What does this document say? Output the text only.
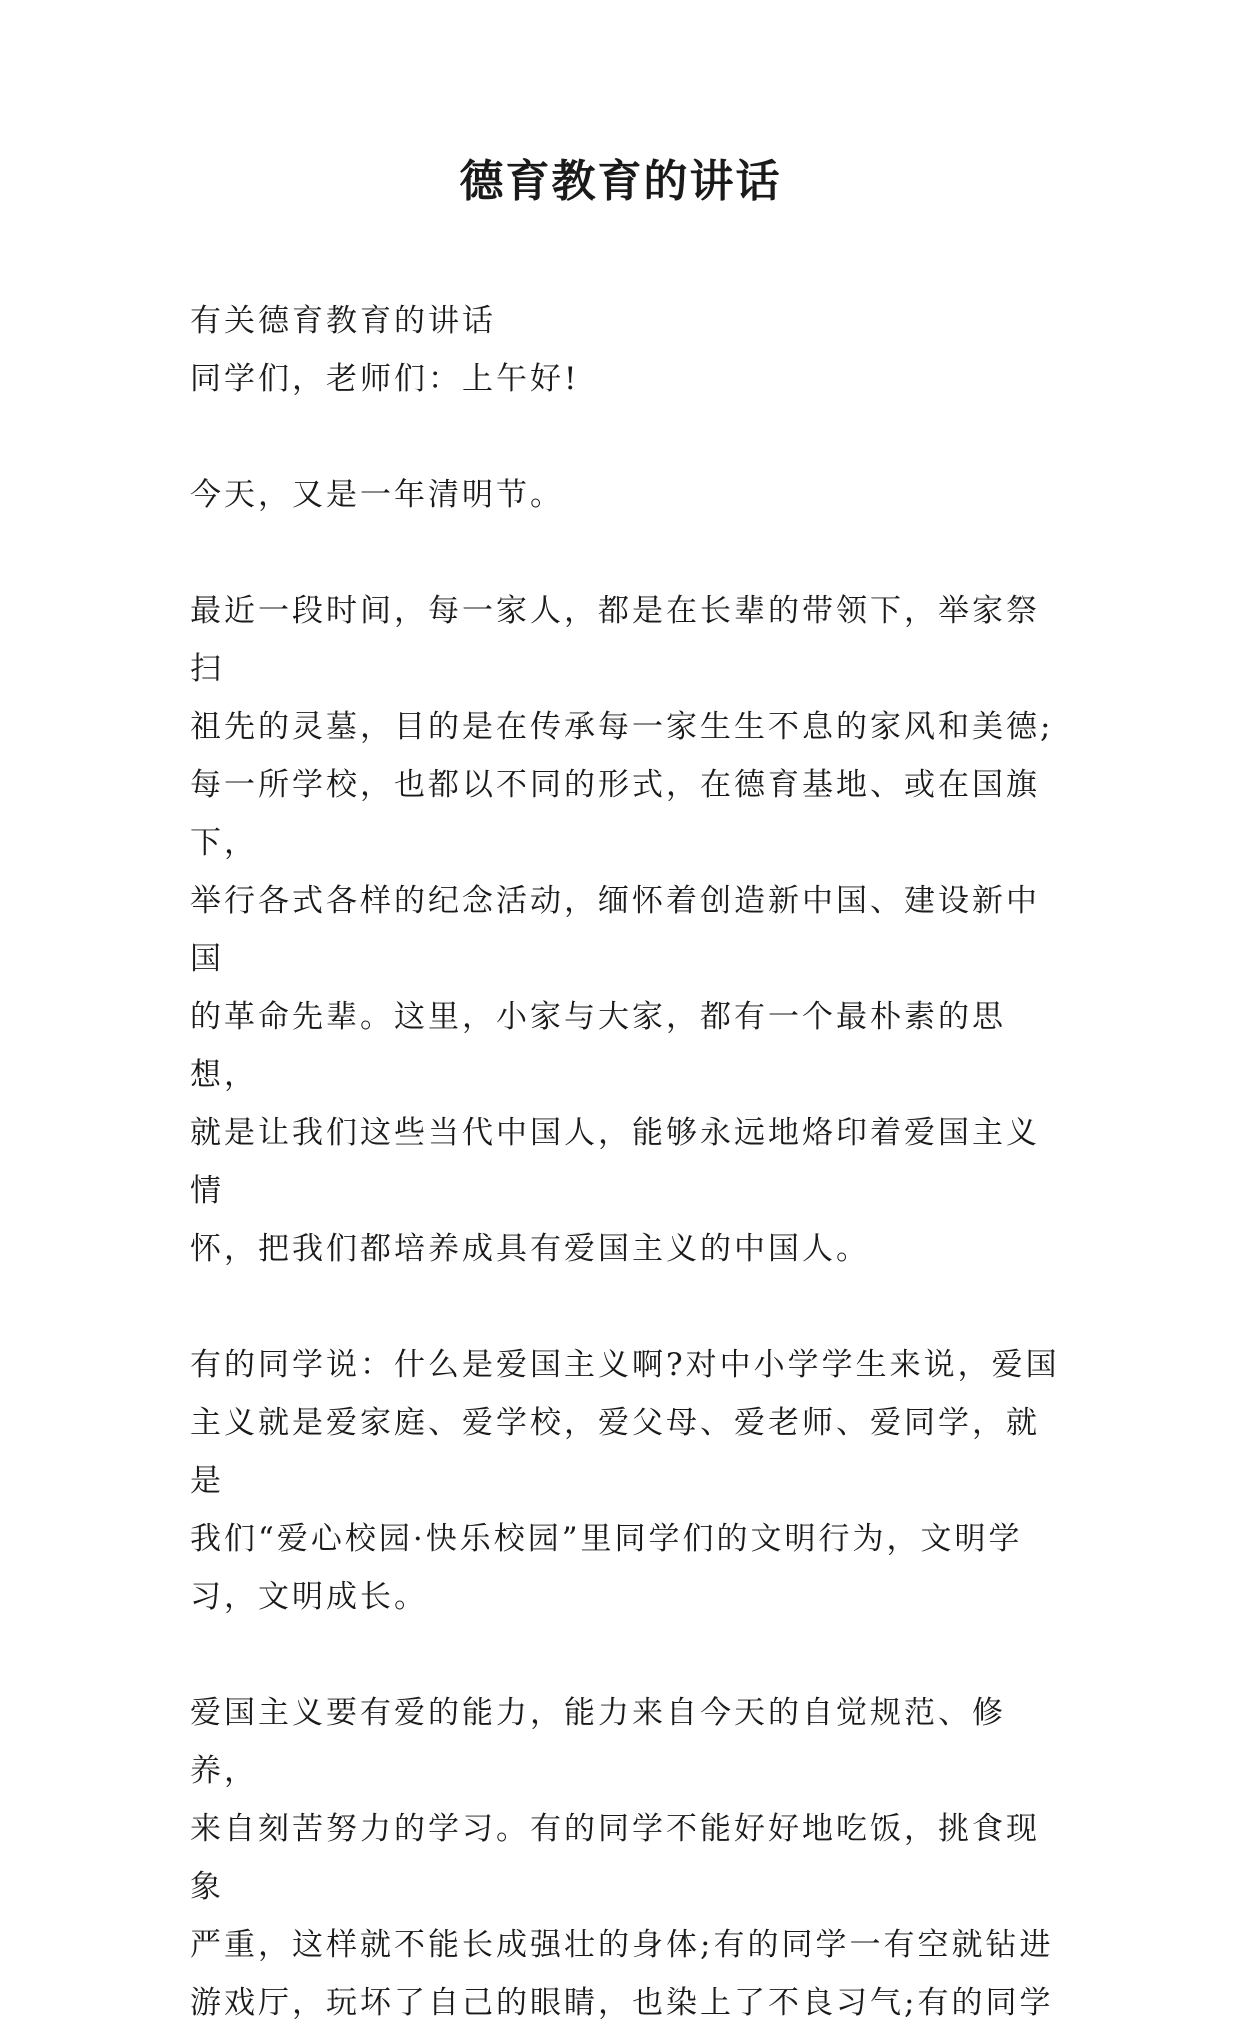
德育教育的讲话

有关德育教育的讲话

同学们，老师们：上午好!

今天，又是一年清明节。

最近一段时间，每一家人，都是在长辈的带领下，举家祭扫

祖先的灵墓，目的是在传承每一家生生不息的家风和美德;

每一所学校，也都以不同的形式，在德育基地、或在国旗下，

举行各式各样的纪念活动，缅怀着创造新中国、建设新中国

的革命先辈。这里，小家与大家，都有一个最朴素的思想，

就是让我们这些当代中国人，能够永远地烙印着爱国主义情

怀，把我们都培养成具有爱国主义的中国人。

有的同学说：什么是爱国主义啊?对中小学学生来说，爱国

主义就是爱家庭、爱学校，爱父母、爱老师、爱同学，就是

我们“爱心校园·快乐校园”里同学们的文明行为，文明学

习，文明成长。

爱国主义要有爱的能力，能力来自今天的自觉规范、修养，

来自刻苦努力的学习。有的同学不能好好地吃饭，挑食现象

严重，这样就不能长成强壮的身体;有的同学一有空就钻进

游戏厅，玩坏了自己的眼睛，也染上了不良习气;有的同学
